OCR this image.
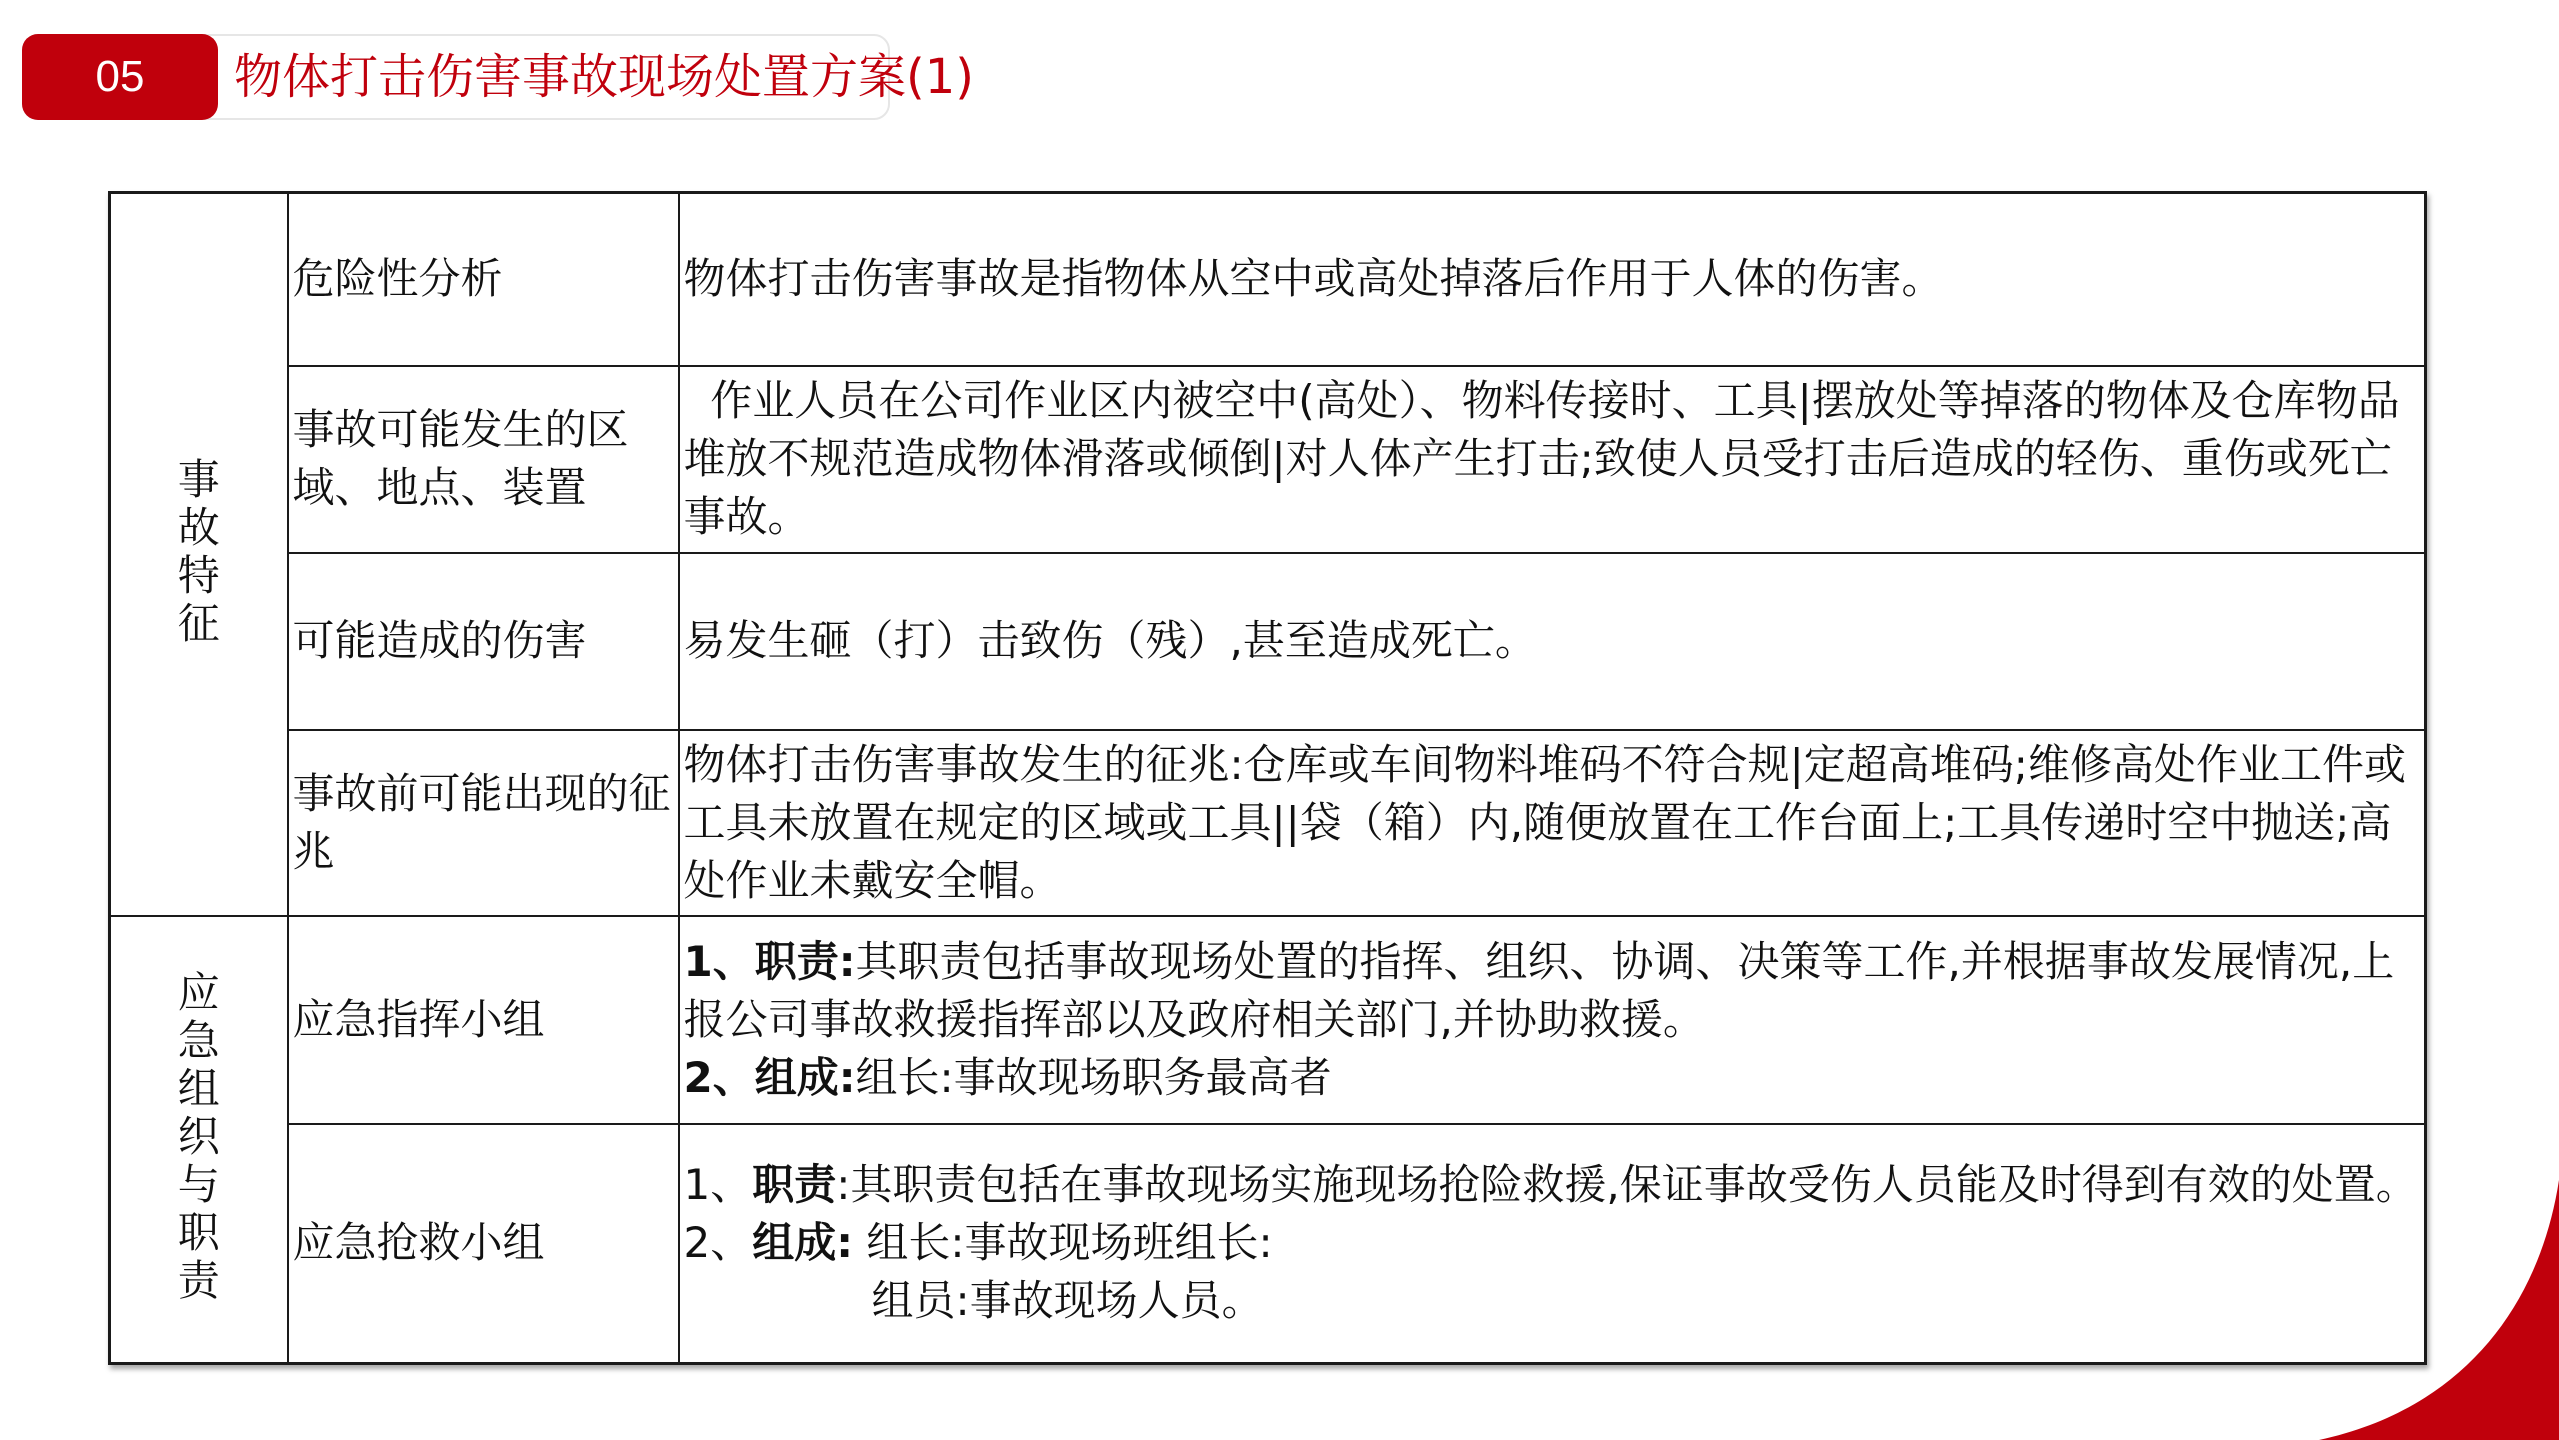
05	物体打击伤害事故现场处置方案(1)
事故特征	危险性分析	物体打击伤害事故是指物体从空中或高处掉落后作用于人体的伤害。
	事故可能发生的区域、地点、装置	作业人员在公司作业区内被空中(高处）、物料传接时、工具|摆放处等掉落的物体及仓库物品堆放不规范造成物体滑落或倾倒|对人体产生打击;致使人员受打击后造成的轻伤、重伤或死亡事故。
	可能造成的伤害	易发生砸（打）击致伤（残）,甚至造成死亡。
	事故前可能出现的征兆	物体打击伤害事故发生的征兆:仓库或车间物料堆码不符合规|定超高堆码;维修高处作业工件或工具未放置在规定的区域或工具||袋（箱）内,随便放置在工作台面上;工具传递时空中抛送;高处作业未戴安全帽。
应急组织与职责	应急指挥小组	1、职责:其职责包括事故现场处置的指挥、组织、协调、决策等工作,并根据事故发展情况,上报公司事故救援指挥部以及政府相关部门,并协助救援。
2、组成:组长:事故现场职务最高者

	应急抢救小组	1、职责:其职责包括在事故现场实施现场抢险救援,保证事故受伤人员能及时得到有效的处置。
2、组成: 组长:事故现场班组长:
组员:事故现场人员。
